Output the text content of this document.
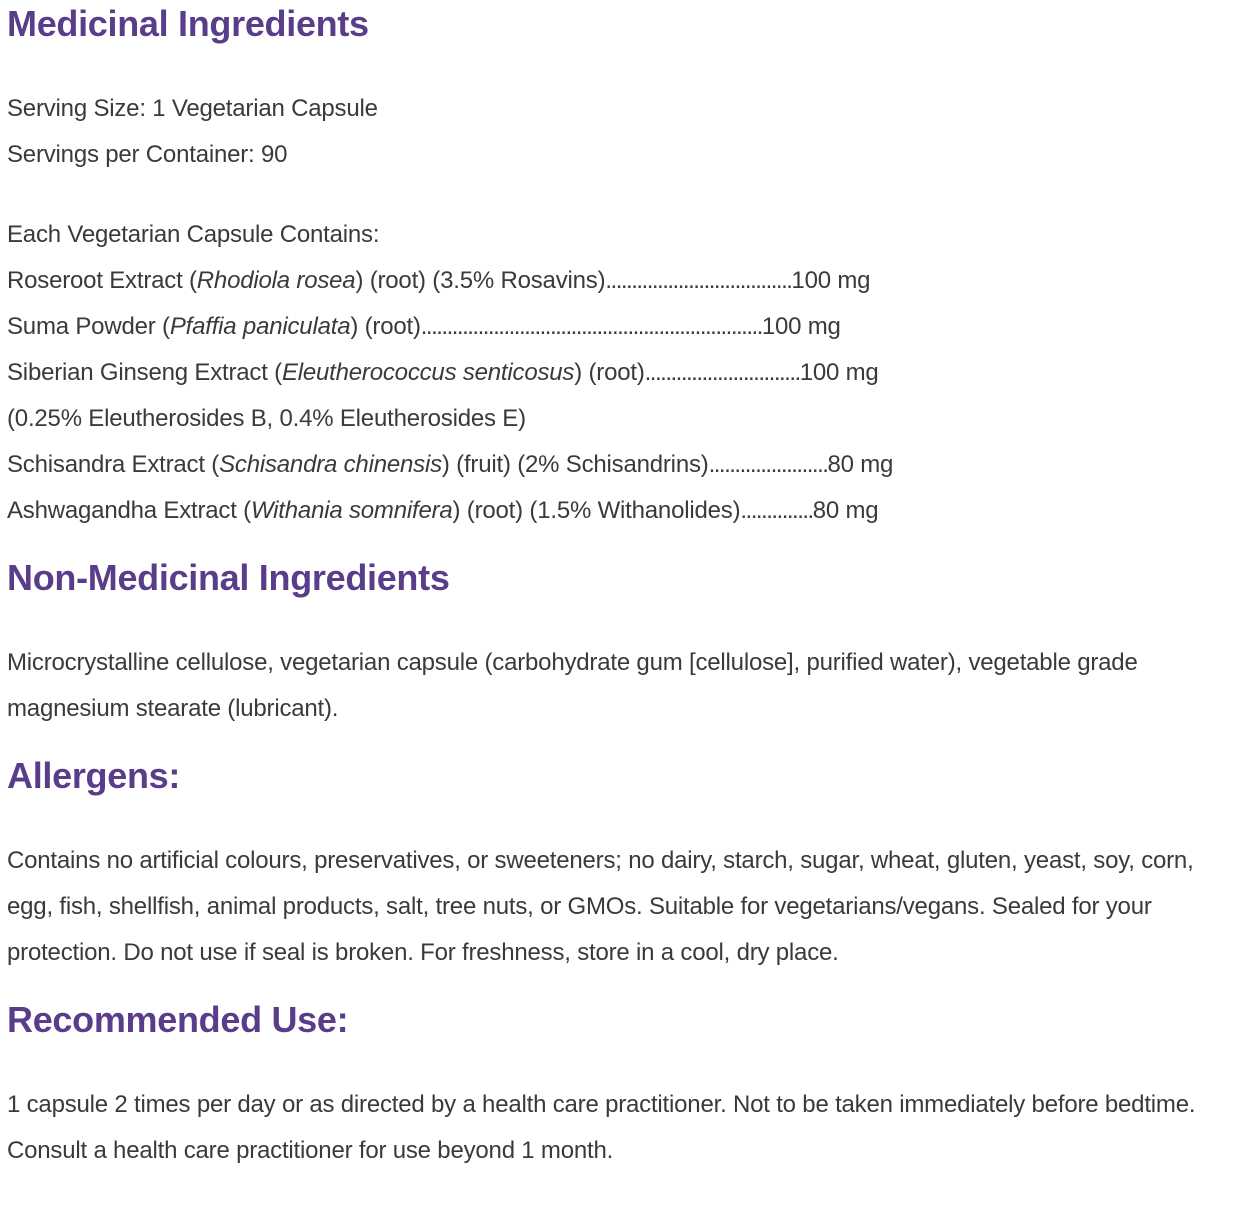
Medicinal Ingredients
Serving Size: 1 Vegetarian Capsule
Servings per Container: 90
Each Vegetarian Capsule Contains:
Roseroot Extract (Rhodiola rosea) (root) (3.5% Rosavins)....................................100 mg
Suma Powder (Pfaffia paniculata) (root)..................................................................100 mg
Siberian Ginseng Extract (Eleutherococcus senticosus) (root)..............................100 mg
(0.25% Eleutherosides B, 0.4% Eleutherosides E)
Schisandra Extract (Schisandra chinensis) (fruit) (2% Schisandrins).......................80 mg
Ashwagandha Extract (Withania somnifera) (root) (1.5% Withanolides)..............80 mg
Non-Medicinal Ingredients
Microcrystalline cellulose, vegetarian capsule (carbohydrate gum [cellulose], purified water), vegetable grade magnesium stearate (lubricant).
Allergens:
Contains no artificial colours, preservatives, or sweeteners; no dairy, starch, sugar, wheat, gluten, yeast, soy, corn, egg, fish, shellfish, animal products, salt, tree nuts, or GMOs. Suitable for vegetarians/vegans. Sealed for your protection. Do not use if seal is broken. For freshness, store in a cool, dry place.
Recommended Use:
1 capsule 2 times per day or as directed by a health care practitioner. Not to be taken immediately before bedtime. Consult a health care practitioner for use beyond 1 month.
